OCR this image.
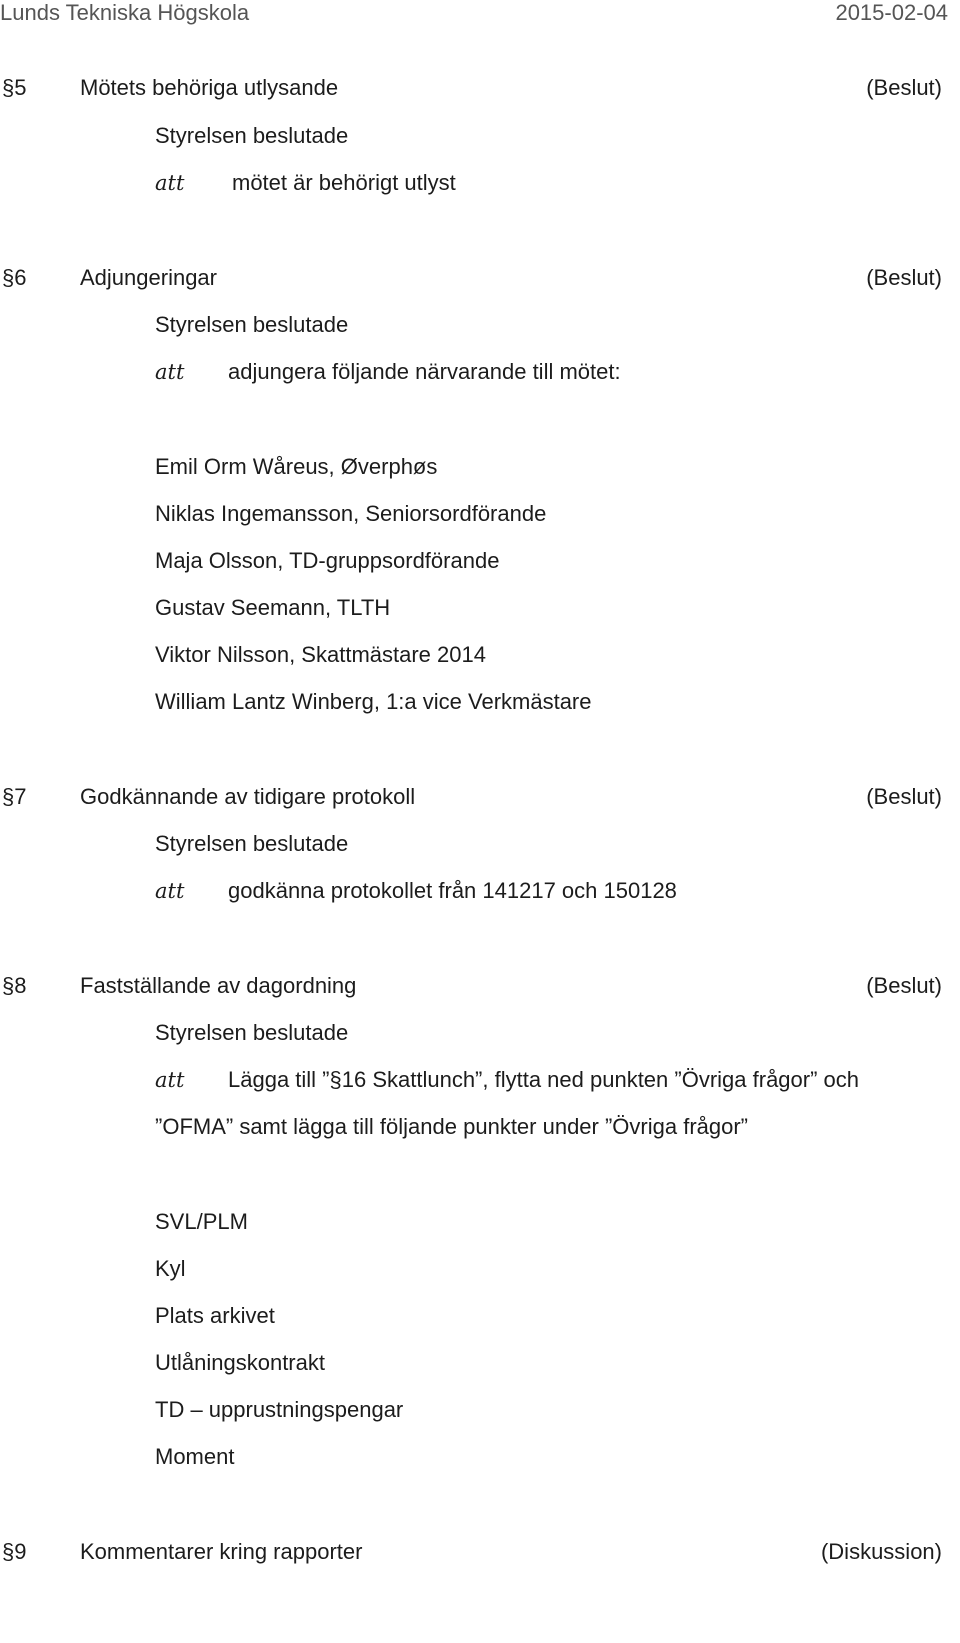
Lunds Tekniska Högskola	2015-02-04
§5 Mötets behöriga utlysande	(Beslut)
Styrelsen beslutade
att mötet är behörigt utlyst
§6 Adjungeringar	(Beslut)
Styrelsen beslutade
att adjungera följande närvarande till mötet:
Emil Orm Wåreus, Øverphøs
Niklas Ingemansson, Seniorsordförande
Maja Olsson, TD-gruppsordförande
Gustav Seemann, TLTH
Viktor Nilsson, Skattmästare 2014
William Lantz Winberg, 1:a vice Verkmästare
§7 Godkännande av tidigare protokoll	(Beslut)
Styrelsen beslutade
att godkänna protokollet från 141217 och 150128
§8 Fastställande av dagordning	(Beslut)
Styrelsen beslutade
att Lägga till ”§16 Skattlunch”, flytta ned punkten ”Övriga frågor” och
”OFMA” samt lägga till följande punkter under ”Övriga frågor”
SVL/PLM
Kyl
Plats arkivet
Utlåningskontrakt
TD – upprustningspengar
Moment
§9 Kommentarer kring rapporter	(Diskussion)
